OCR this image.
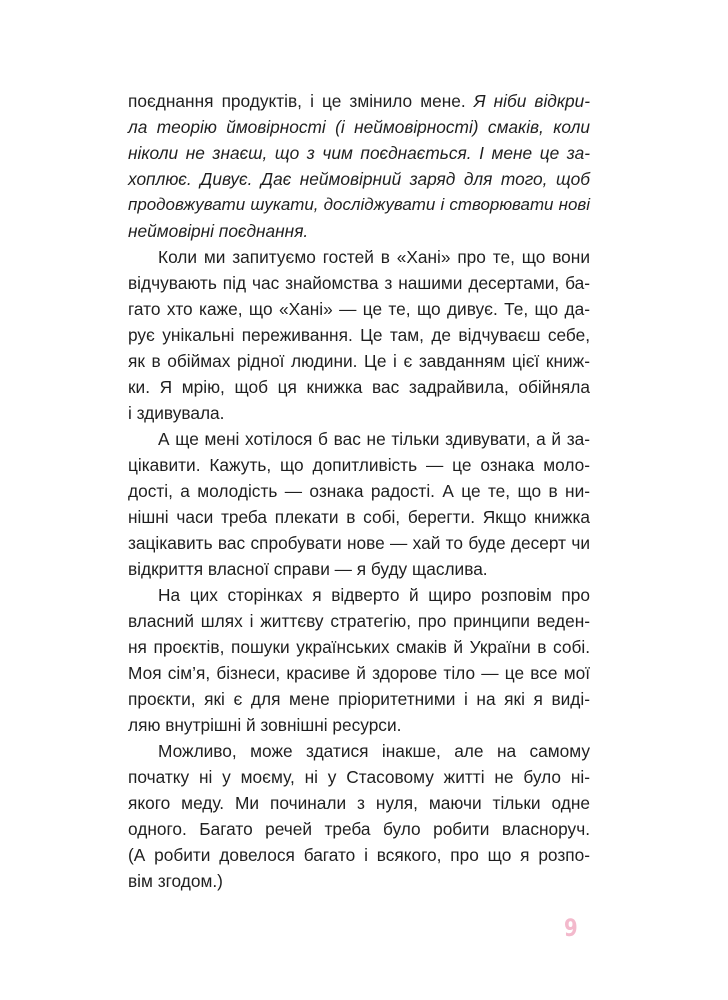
поєднання продуктів, і це змінило мене. Я ніби відкри-
ла теорію ймовірності (і неймовірності) смаків, коли
ніколи не знаєш, що з чим поєднається. І мене це за-
хоплює. Дивує. Дає неймовірний заряд для того, щоб
продовжувати шукати, досліджувати і створювати нові
неймовірні поєднання.
Коли ми запитуємо гостей в «Хані» про те, що вони
відчувають під час знайомства з нашими десертами, ба-
гато хто каже, що «Хані» — це те, що дивує. Те, що да-
рує унікальні переживання. Це там, де відчуваєш себе,
як в обіймах рідної людини. Це і є завданням цієї книж-
ки. Я мрію, щоб ця книжка вас задрайвила, обійняла
і здивувала.
А ще мені хотілося б вас не тільки здивувати, а й за-
цікавити. Кажуть, що допитливість — це ознака моло-
дості, а молодість — ознака радості. А це те, що в ни-
нішні часи треба плекати в собі, берегти. Якщо книжка
зацікавить вас спробувати нове — хай то буде десерт чи
відкриття власної справи — я буду щаслива.
На цих сторінках я відверто й щиро розповім про
власний шлях і життєву стратегію, про принципи веден-
ня проєктів, пошуки українських смаків й України в собі.
Моя сім’я, бізнеси, красиве й здорове тіло — це все мої
проєкти, які є для мене пріоритетними і на які я виді-
ляю внутрішні й зовнішні ресурси.
Можливо, може здатися інакше, але на самому
початку ні у моєму, ні у Стасовому житті не було ні-
якого меду. Ми починали з нуля, маючи тільки одне
одного. Багато речей треба було робити власноруч.
(А робити довелося багато і всякого, про що я розпо-
вім згодом.)
9
